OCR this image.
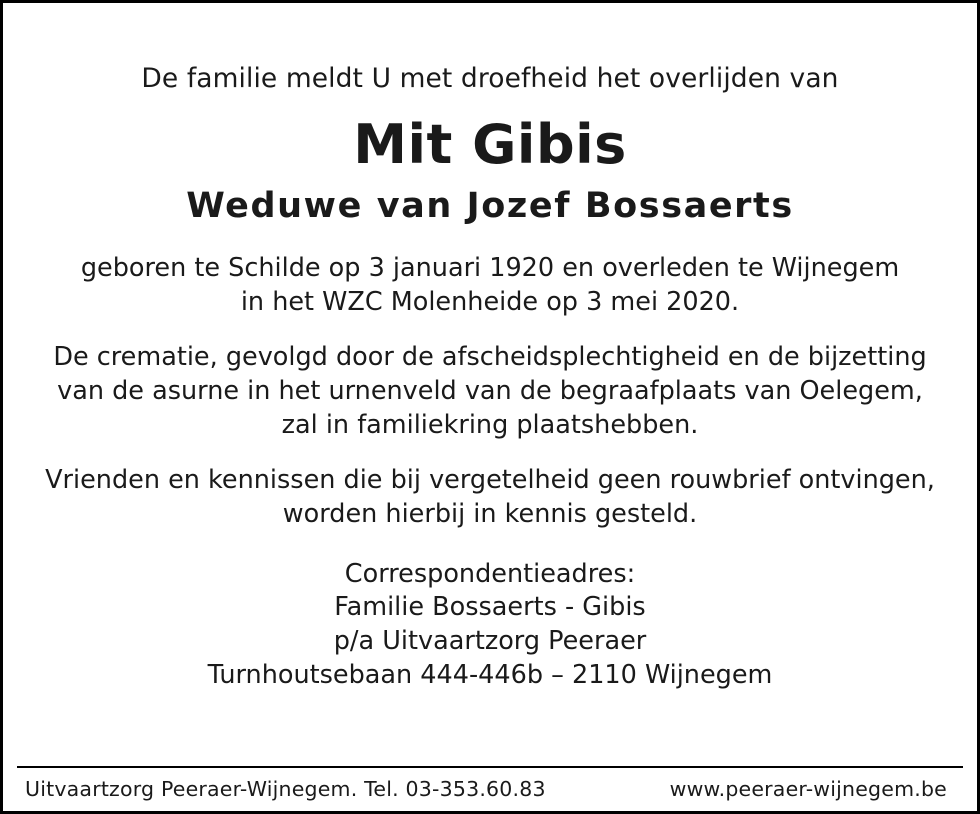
De familie meldt U met droefheid het overlijden van

Mit Gibis
Weduwe van Jozef Bossaerts

geboren te Schilde op 3 januari 1920 en overleden te Wijnegem in het WZC Molenheide op 3 mei 2020.

De crematie, gevolgd door de afscheidsplechtigheid en de bijzetting van de asurne in het urnenveld van de begraafplaats van Oelegem, zal in familiekring plaatshebben.

Vrienden en kennissen die bij vergetelheid geen rouwbrief ontvingen, worden hierbij in kennis gesteld.

Correspondentieadres:

Familie Bossaerts - Gibis

p/a Uitvaartzorg Peeraer

Turnhoutsebaan 444-446b – 2110 Wijnegem

Uitvaartzorg Peeraer-Wijnegem. Tel. 03-353.60.83	www.peeraer-wijnegem.be
